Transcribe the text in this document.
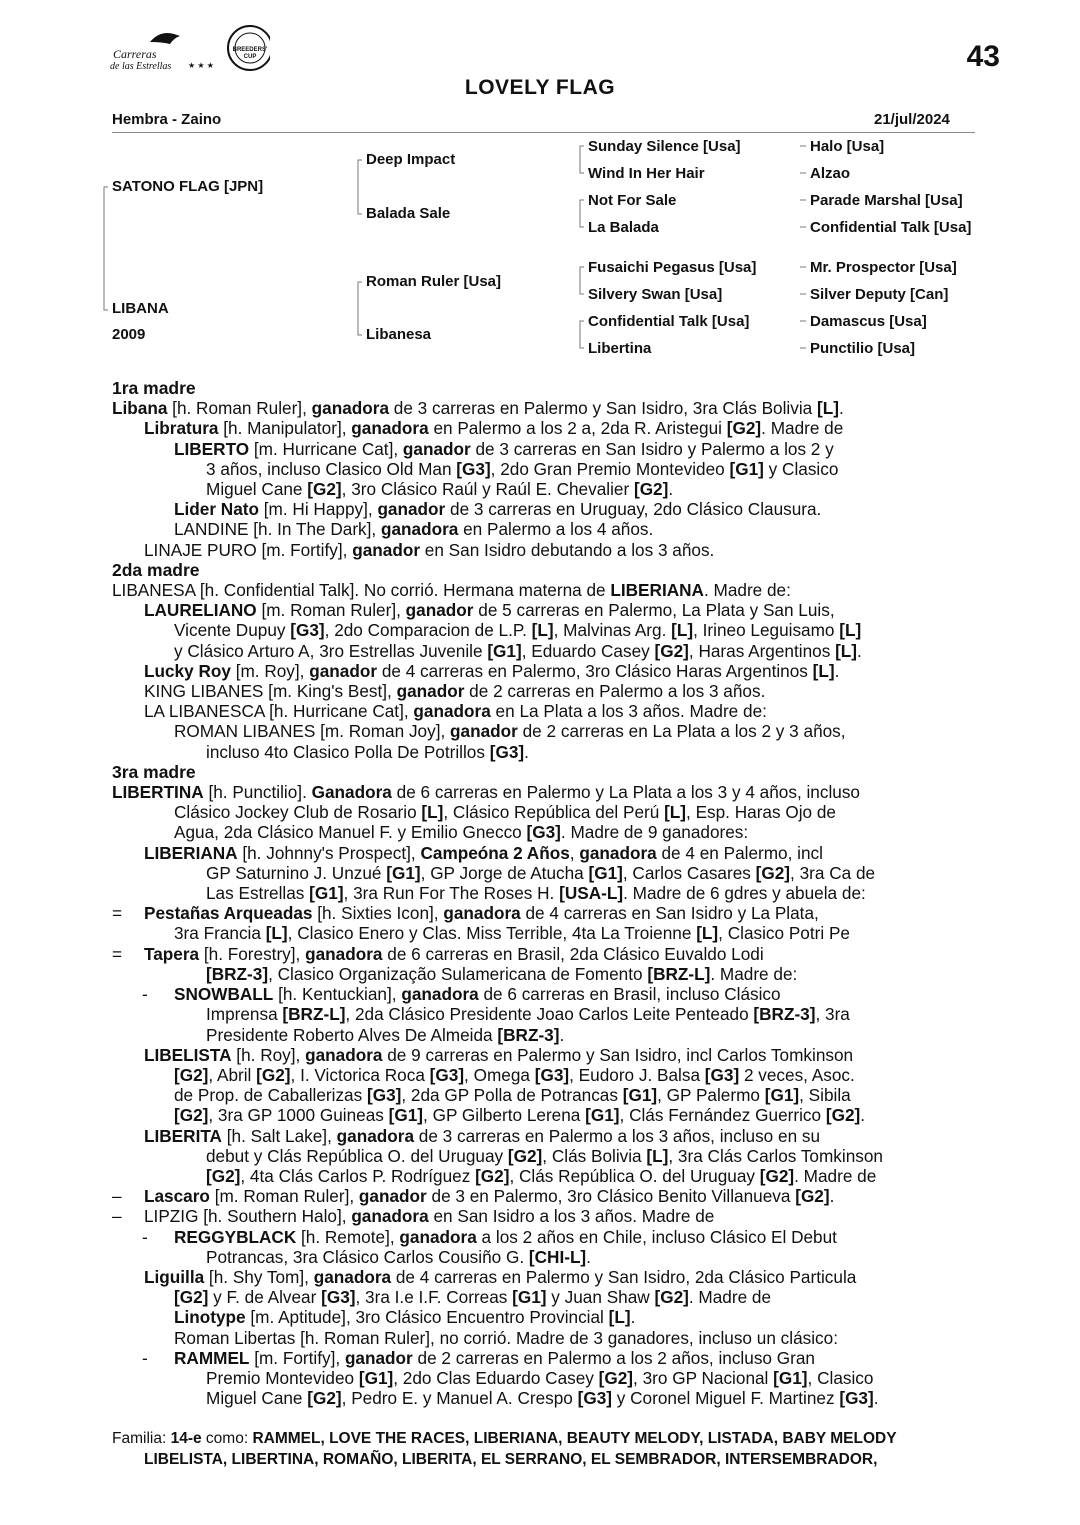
Carreras
de las Estrellas ★ ★ ★
BREEDERS'
CUP	43
LOVELY FLAG
Hembra - Zaino	21/jul/2024
SATONO FLAG [JPN]
LIBANA
2009
Deep Impact
Balada Sale
Roman Ruler [Usa]
Libanesa
Sunday Silence [Usa]
Wind In Her Hair
Not For Sale
La Balada
Fusaichi Pegasus [Usa]
Silvery Swan [Usa]
Confidential Talk [Usa]
Libertina
Halo [Usa]
Alzao
Parade Marshal [Usa]
Confidential Talk [Usa]
Mr. Prospector [Usa]
Silver Deputy [Can]
Damascus [Usa]
Punctilio [Usa]
1ra madre
Libana [h. Roman Ruler], ganadora de 3 carreras en Palermo y San Isidro, 3ra Clás Bolivia [L].
Libratura [h. Manipulator], ganadora en Palermo a los 2 a, 2da R. Aristegui [G2]. Madre de
LIBERTO [m. Hurricane Cat], ganador de 3 carreras en San Isidro y Palermo a los 2 y
3 años, incluso Clasico Old Man [G3], 2do Gran Premio Montevideo [G1] y Clasico
Miguel Cane [G2], 3ro Clásico Raúl y Raúl E. Chevalier [G2].
Lider Nato [m. Hi Happy], ganador de 3 carreras en Uruguay, 2do Clásico Clausura.
LANDINE [h. In The Dark], ganadora en Palermo a los 4 años.
LINAJE PURO [m. Fortify], ganador en San Isidro debutando a los 3 años.
2da madre
LIBANESA [h. Confidential Talk]. No corrió. Hermana materna de LIBERIANA. Madre de:
LAURELIANO [m. Roman Ruler], ganador de 5 carreras en Palermo, La Plata y San Luis,
Vicente Dupuy [G3], 2do Comparacion de L.P. [L], Malvinas Arg. [L], Irineo Leguisamo [L]
y Clásico Arturo A, 3ro Estrellas Juvenile [G1], Eduardo Casey [G2], Haras Argentinos [L].
Lucky Roy [m. Roy], ganador de 4 carreras en Palermo, 3ro Clásico Haras Argentinos [L].
KING LIBANES [m. King's Best], ganador de 2 carreras en Palermo a los 3 años.
LA LIBANESCA [h. Hurricane Cat], ganadora en La Plata a los 3 años. Madre de:
ROMAN LIBANES [m. Roman Joy], ganador de 2 carreras en La Plata a los 2 y 3 años,
incluso 4to Clasico Polla De Potrillos [G3].
3ra madre
LIBERTINA [h. Punctilio]. Ganadora de 6 carreras en Palermo y La Plata a los 3 y 4 años, incluso
Clásico Jockey Club de Rosario [L], Clásico República del Perú [L], Esp. Haras Ojo de
Agua, 2da Clásico Manuel F. y Emilio Gnecco [G3]. Madre de 9 ganadores:
LIBERIANA [h. Johnny's Prospect], Campeóna 2 Años, ganadora de 4 en Palermo, incl
GP Saturnino J. Unzué [G1], GP Jorge de Atucha [G1], Carlos Casares [G2], 3ra Ca de
Las Estrellas [G1], 3ra Run For The Roses H. [USA-L]. Madre de 6 gdres y abuela de:
= Pestañas Arqueadas [h. Sixties Icon], ganadora de 4 carreras en San Isidro y La Plata,
3ra Francia [L], Clasico Enero y Clas. Miss Terrible, 4ta La Troienne [L], Clasico Potri Pe
= Tapera [h. Forestry], ganadora de 6 carreras en Brasil, 2da Clásico Euvaldo Lodi
[BRZ-3], Clasico Organização Sulamericana de Fomento [BRZ-L]. Madre de:
- SNOWBALL [h. Kentuckian], ganadora de 6 carreras en Brasil, incluso Clásico
Imprensa [BRZ-L], 2da Clásico Presidente Joao Carlos Leite Penteado [BRZ-3], 3ra
Presidente Roberto Alves De Almeida [BRZ-3].
LIBELISTA [h. Roy], ganadora de 9 carreras en Palermo y San Isidro, incl Carlos Tomkinson
[G2], Abril [G2], I. Victorica Roca [G3], Omega [G3], Eudoro J. Balsa [G3] 2 veces, Asoc.
de Prop. de Caballerizas [G3], 2da GP Polla de Potrancas [G1], GP Palermo [G1], Sibila
[G2], 3ra GP 1000 Guineas [G1], GP Gilberto Lerena [G1], Clás Fernández Guerrico [G2].
LIBERITA [h. Salt Lake], ganadora de 3 carreras en Palermo a los 3 años, incluso en su
debut y Clás República O. del Uruguay [G2], Clás Bolivia [L], 3ra Clás Carlos Tomkinson
[G2], 4ta Clás Carlos P. Rodríguez [G2], Clás República O. del Uruguay [G2]. Madre de
– Lascaro [m. Roman Ruler], ganador de 3 en Palermo, 3ro Clásico Benito Villanueva [G2].
– LIPZIG [h. Southern Halo], ganadora en San Isidro a los 3 años. Madre de
- REGGYBLACK [h. Remote], ganadora a los 2 años en Chile, incluso Clásico El Debut
Potrancas, 3ra Clásico Carlos Cousiño G. [CHI-L].
Liguilla [h. Shy Tom], ganadora de 4 carreras en Palermo y San Isidro, 2da Clásico Particula
[G2] y F. de Alvear [G3], 3ra I.e I.F. Correas [G1] y Juan Shaw [G2]. Madre de
Linotype [m. Aptitude], 3ro Clásico Encuentro Provincial [L].
Roman Libertas [h. Roman Ruler], no corrió. Madre de 3 ganadores, incluso un clásico:
- RAMMEL [m. Fortify], ganador de 2 carreras en Palermo a los 2 años, incluso Gran
Premio Montevideo [G1], 2do Clas Eduardo Casey [G2], 3ro GP Nacional [G1], Clasico
Miguel Cane [G2], Pedro E. y Manuel A. Crespo [G3] y Coronel Miguel F. Martinez [G3].
Familia: 14-e como: RAMMEL, LOVE THE RACES, LIBERIANA, BEAUTY MELODY, LISTADA, BABY MELODY
LIBELISTA, LIBERTINA, ROMAÑO, LIBERITA, EL SERRANO, EL SEMBRADOR, INTERSEMBRADOR,
